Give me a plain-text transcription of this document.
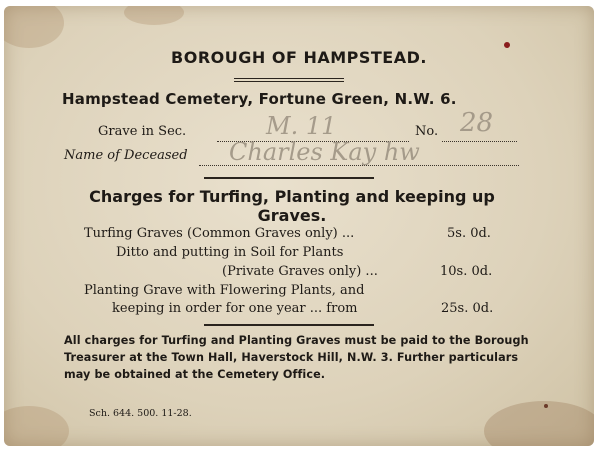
BOROUGH OF HAMPSTEAD.
Hampstead Cemetery, Fortune Green, N.W. 6.
Grave in Sec.	M. 11	No. 28
Name of Deceased Charles Kay hw
Charges for Turfing, Planting and keeping up Graves.
Turfing Graves (Common Graves only) ...	5s. 0d.
Ditto and putting in Soil for Plants
(Private Graves only) ...	10s. 0d.
Planting Grave with Flowering Plants, and
keeping in order for one year ... from	25s. 0d.
All charges for Turfing and Planting Graves must be paid to the Borough Treasurer at the Town Hall, Haverstock Hill, N.W. 3. Further particulars may be obtained at the Cemetery Office.
Sch. 644. 500. 11-28.
